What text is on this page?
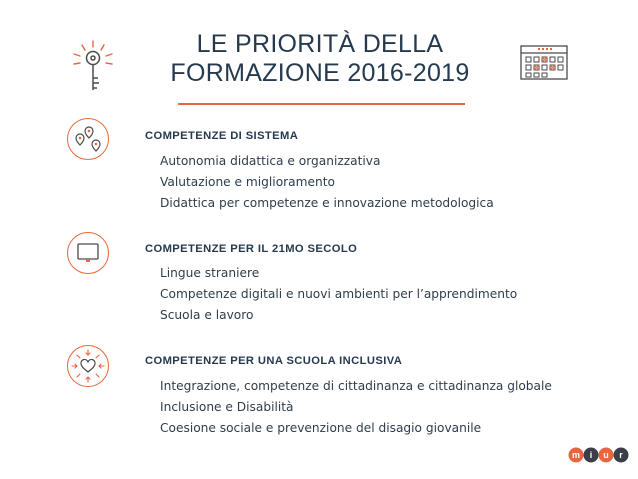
LE PRIORITÀ DELLA
FORMAZIONE 2016-2019
COMPETENZE DI SISTEMA
Autonomia didattica e organizzativa
Valutazione e miglioramento
Didattica per competenze e innovazione metodologica
COMPETENZE PER IL 21MO SECOLO
Lingue straniere
Competenze digitali e nuovi ambienti per l’apprendimento
Scuola e lavoro
COMPETENZE PER UNA SCUOLA INCLUSIVA
Integrazione, competenze di cittadinanza e cittadinanza globale
Inclusione e Disabilità
Coesione sociale e prevenzione del disagio giovanile
m i u r
